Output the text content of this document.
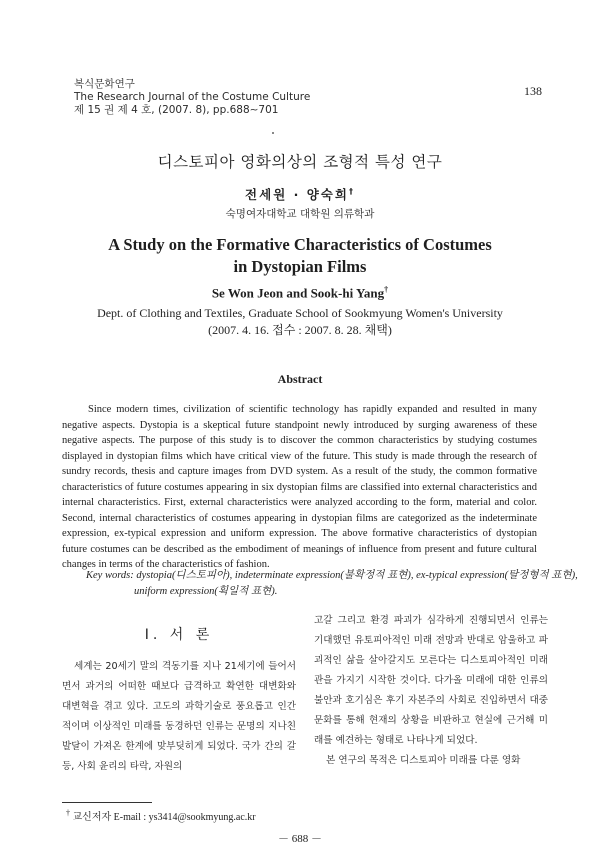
복식문화연구
The Research Journal of the Costume Culture
제 15 권 제 4 호, (2007. 8), pp.688∼701
138
디스토피아 영화의상의 조형적 특성 연구
전세원 · 양숙희†
숙명여자대학교 대학원 의류학과
A Study on the Formative Characteristics of Costumes
in Dystopian Films
Se Won Jeon and Sook-hi Yang†
Dept. of Clothing and Textiles, Graduate School of Sookmyung Women's University
(2007. 4. 16. 접수 : 2007. 8. 28. 채택)
Abstract
Since modern times, civilization of scientific technology has rapidly expanded and resulted in many negative aspects. Dystopia is a skeptical future standpoint newly introduced by surging awareness of these negative aspects. The purpose of this study is to discover the common characteristics by studying costumes displayed in dystopian films which have critical view of the future. This study is made through the research of sundry records, thesis and capture images from DVD system. As a result of the study, the common formative characteristics of future costumes appearing in six dystopian films are classified into external characteristics and internal characteristics. First, external characteristics were analyzed according to the form, material and color. Second, internal characteristics of costumes appearing in dystopian films are categorized as the indeterminate expression, ex-typical expression and uniform expression. The above formative characteristics of dystopian future costumes can be described as the embodiment of meanings of influence from present and future cultural changes in terms of the characteristics of fashion.
Key words: dystopia(디스토피아), indeterminate expression(불확정적 표현), ex-typical expression(탈정형적 표현), uniform expression(획일적 표현).
Ⅰ. 서 론

세계는 20세기 말의 격동기를 지나 21세기에 들어서면서 과거의 어떠한 때보다 급격하고 확연한 대변화와 대변혁을 겪고 있다. 고도의 과학기술로 풍요롭고 인간적이며 이상적인 미래를 동경하던 인류는 문명의 지나친 발달이 가져온 한계에 맞부딪히게 되었다. 국가 간의 갈등, 사회 윤리의 타락, 자원의

고갈 그리고 환경 파괴가 심각하게 진행되면서 인류는 기대했던 유토피아적인 미래 전망과 반대로 암울하고 파괴적인 삶을 살아갈지도 모른다는 디스토피아적인 미래관을 가지기 시작한 것이다. 다가올 미래에 대한 인류의 불안과 호기심은 후기 자본주의 사회로 진입하면서 대중문화를 통해 현재의 상황을 비판하고 현실에 근거해 미래를 예견하는 형태로 나타나게 되었다.

본 연구의 목적은 디스토피아 미래를 다룬 영화

† 교신저자 E-mail : ys3414@sookmyung.ac.kr
－ 688 －
